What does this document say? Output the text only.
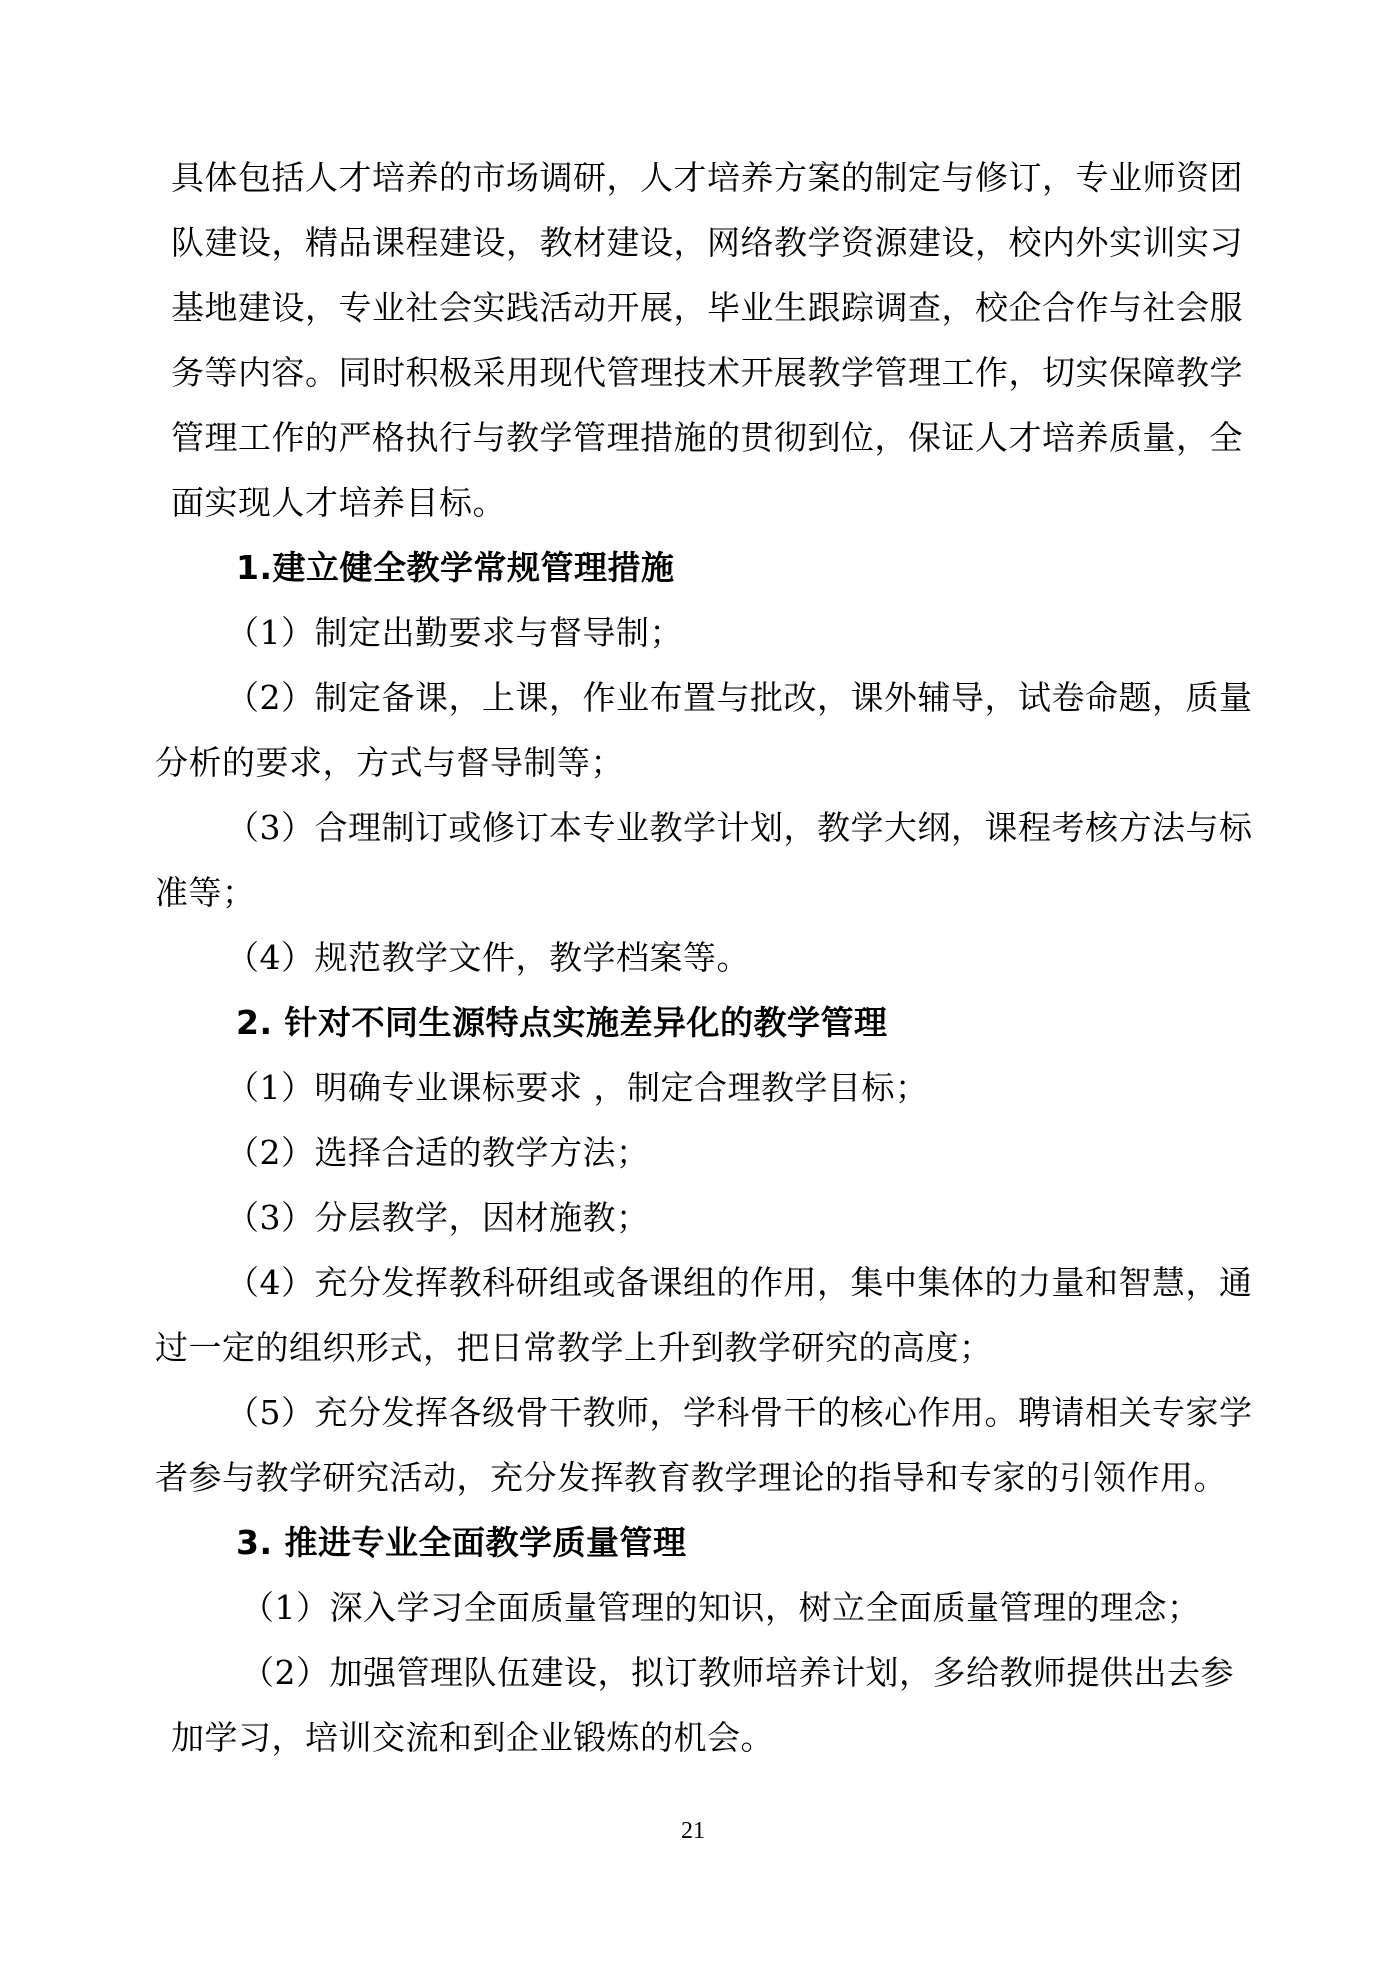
具体包括人才培养的市场调研，人才培养方案的制定与修订，专业师资团
队建设，精品课程建设，教材建设，网络教学资源建设，校内外实训实习
基地建设，专业社会实践活动开展，毕业生跟踪调查，校企合作与社会服
务等内容。同时积极采用现代管理技术开展教学管理工作，切实保障教学
管理工作的严格执行与教学管理措施的贯彻到位，保证人才培养质量，全
面实现人才培养目标。
1.建立健全教学常规管理措施
（1）制定出勤要求与督导制；
（2）制定备课，上课，作业布置与批改，课外辅导，试卷命题，质量
分析的要求，方式与督导制等；
（3）合理制订或修订本专业教学计划，教学大纲，课程考核方法与标
准等；
（4）规范教学文件，教学档案等。
2. 针对不同生源特点实施差异化的教学管理
（1）明确专业课标要求 ，制定合理教学目标；
（2）选择合适的教学方法；
（3）分层教学，因材施教；
（4）充分发挥教科研组或备课组的作用，集中集体的力量和智慧，通
过一定的组织形式，把日常教学上升到教学研究的高度；
（5）充分发挥各级骨干教师，学科骨干的核心作用。聘请相关专家学
者参与教学研究活动，充分发挥教育教学理论的指导和专家的引领作用。
3. 推进专业全面教学质量管理
（1）深入学习全面质量管理的知识，树立全面质量管理的理念；
（2）加强管理队伍建设，拟订教师培养计划，多给教师提供出去参
加学习，培训交流和到企业锻炼的机会。
21
